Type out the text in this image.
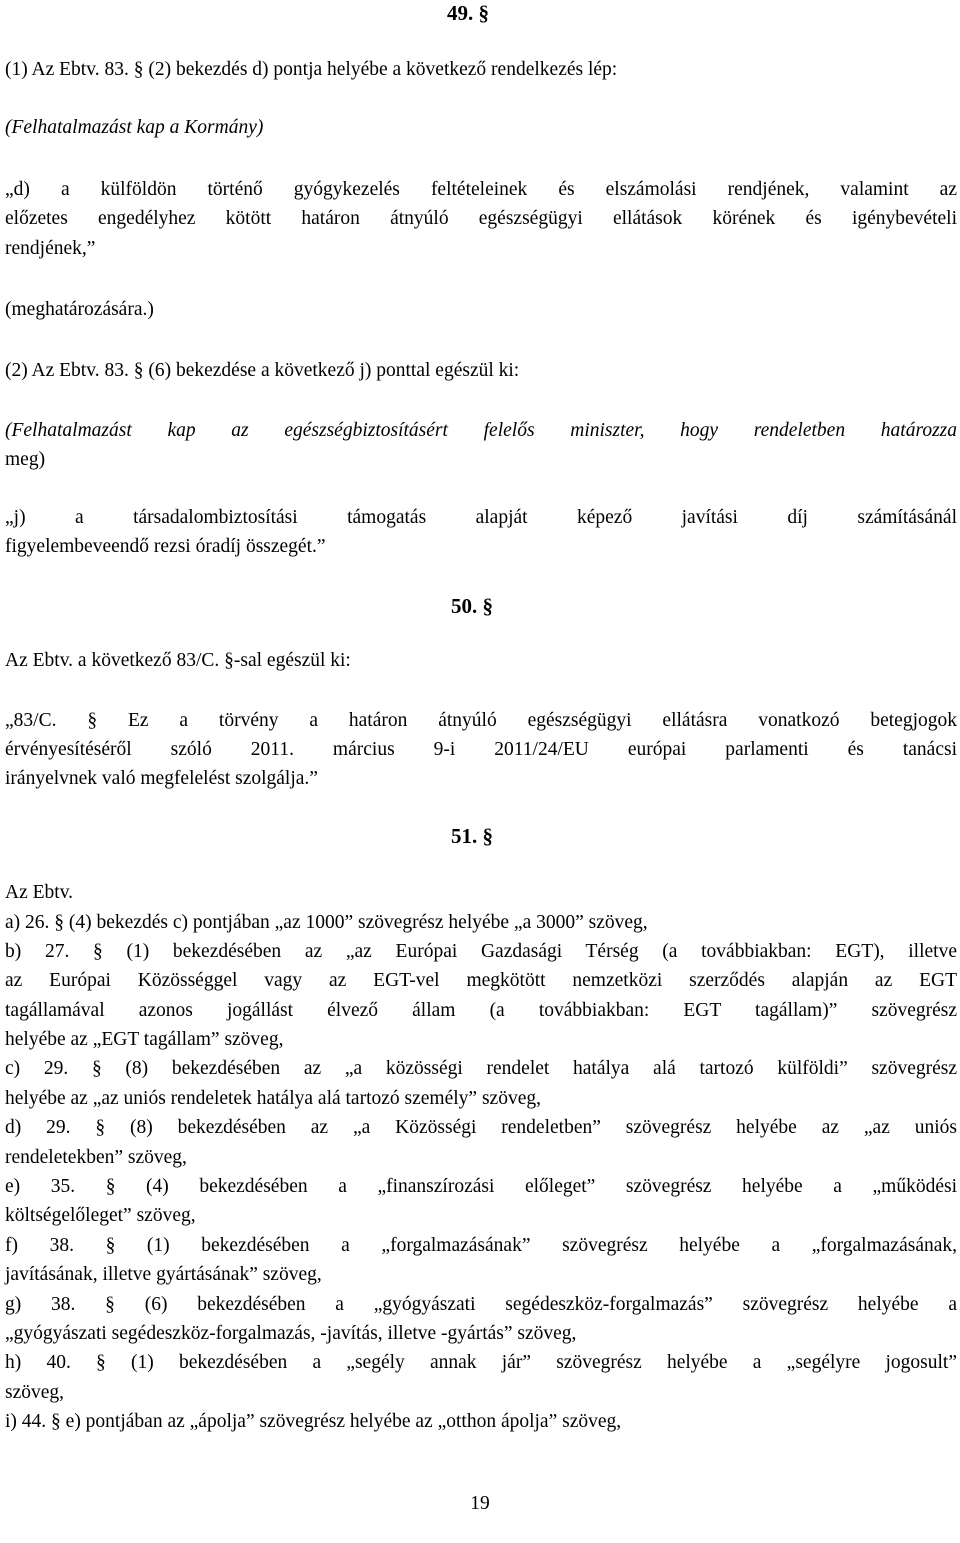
49. §
(1) Az Ebtv. 83. § (2) bekezdés d) pontja helyébe a következő rendelkezés lép:
(Felhatalmazást kap a Kormány)
„d) a külföldön történő gyógykezelés feltételeinek és elszámolási rendjének, valamint az
előzetes engedélyhez kötött határon átnyúló egészségügyi ellátások körének és igénybevételi
rendjének,”
(meghatározására.)
(2) Az Ebtv. 83. § (6) bekezdése a következő j) ponttal egészül ki:
(Felhatalmazást kap az egészségbiztosításért felelős miniszter, hogy rendeletben határozza
meg)
„j) a társadalombiztosítási támogatás alapját képező javítási díj számításánál
figyelembeveendő rezsi óradíj összegét.”
50. §
Az Ebtv. a következő 83/C. §-sal egészül ki:
„83/C. § Ez a törvény a határon átnyúló egészségügyi ellátásra vonatkozó betegjogok
érvényesítéséről szóló 2011. március 9-i 2011/24/EU európai parlamenti és tanácsi
irányelvnek való megfelelést szolgálja.”
51. §
Az Ebtv.
a) 26. § (4) bekezdés c) pontjában „az 1000” szövegrész helyébe „a 3000” szöveg,
b) 27. § (1) bekezdésében az „az Európai Gazdasági Térség (a továbbiakban: EGT), illetve
az Európai Közösséggel vagy az EGT-vel megkötött nemzetközi szerződés alapján az EGT
tagállamával azonos jogállást élvező állam (a továbbiakban: EGT tagállam)” szövegrész
helyébe az „EGT tagállam” szöveg,
c) 29. § (8) bekezdésében az „a közösségi rendelet hatálya alá tartozó külföldi” szövegrész
helyébe az „az uniós rendeletek hatálya alá tartozó személy” szöveg,
d) 29. § (8) bekezdésében az „a Közösségi rendeletben” szövegrész helyébe az „az uniós
rendeletekben” szöveg,
e) 35. § (4) bekezdésében a „finanszírozási előleget” szövegrész helyébe a „működési
költségelőleget” szöveg,
f) 38. § (1) bekezdésében a „forgalmazásának” szövegrész helyébe a „forgalmazásának,
javításának, illetve gyártásának” szöveg,
g) 38. § (6) bekezdésében a „gyógyászati segédeszköz-forgalmazás” szövegrész helyébe a
„gyógyászati segédeszköz-forgalmazás, -javítás, illetve -gyártás” szöveg,
h) 40. § (1) bekezdésében a „segély annak jár” szövegrész helyébe a „segélyre jogosult”
szöveg,
i) 44. § e) pontjában az „ápolja” szövegrész helyébe az „otthon ápolja” szöveg,
19
